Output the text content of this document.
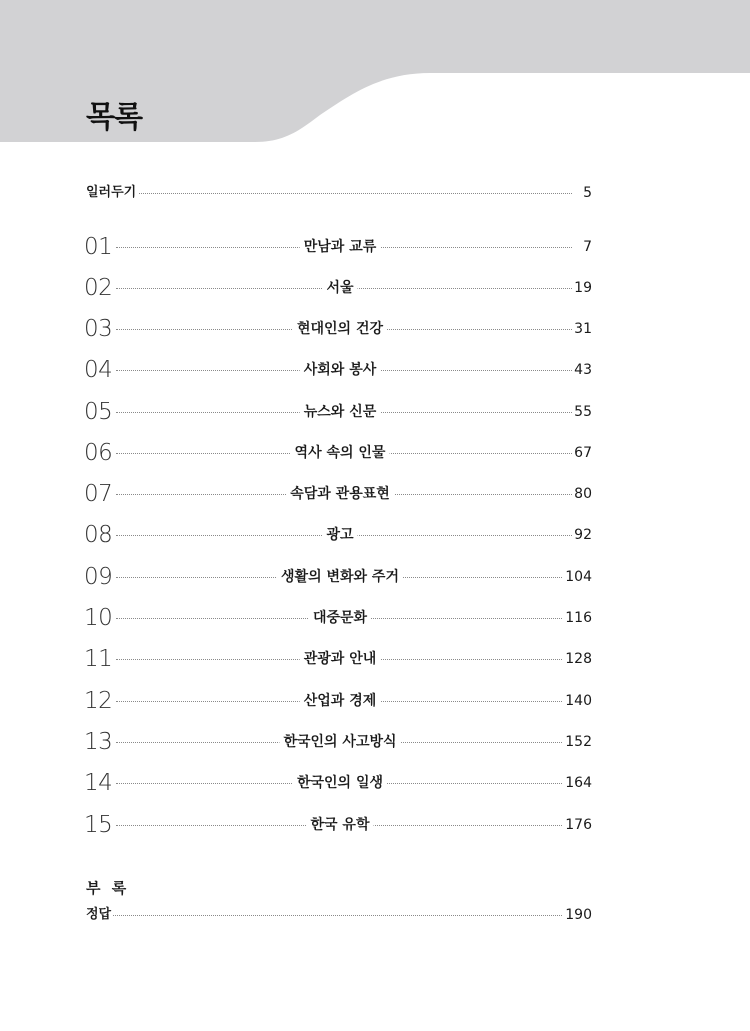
목록
일러두기	5
01	만남과 교류	7
02	서울	19
03	현대인의 건강	31
04	사회와 봉사	43
05	뉴스와 신문	55
06	역사 속의 인물	67
07	속담과 관용표현	80
08	광고	92
09	생활의 변화와 주거	104
10	대중문화	116
11	관광과 안내	128
12	산업과 경제	140
13	한국인의 사고방식	152
14	한국인의 일생	164
15	한국 유학	176
부 록
정답	190
